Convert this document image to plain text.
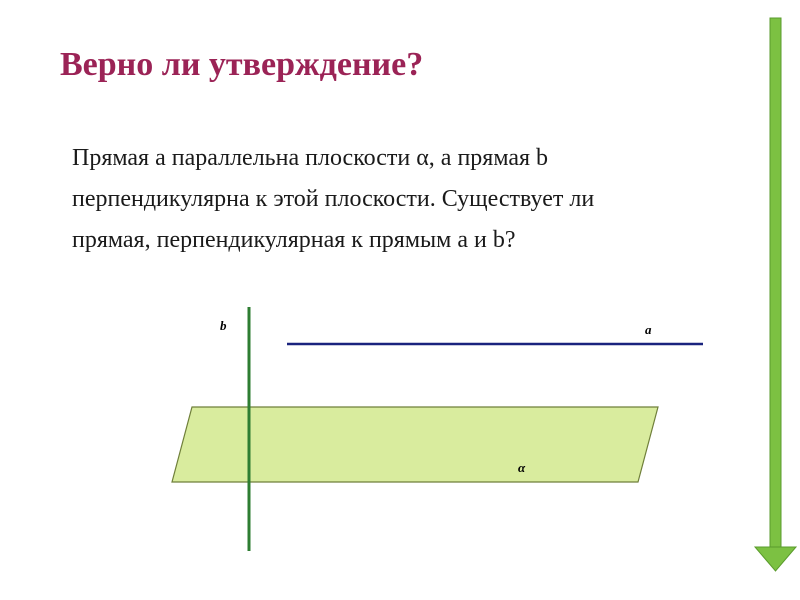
Верно ли утверждение?
Прямая а параллельна плоскости α, а прямая b
перпендикулярна к этой плоскости. Существует ли
прямая, перпендикулярная к прямым а и b?
b	a
α
